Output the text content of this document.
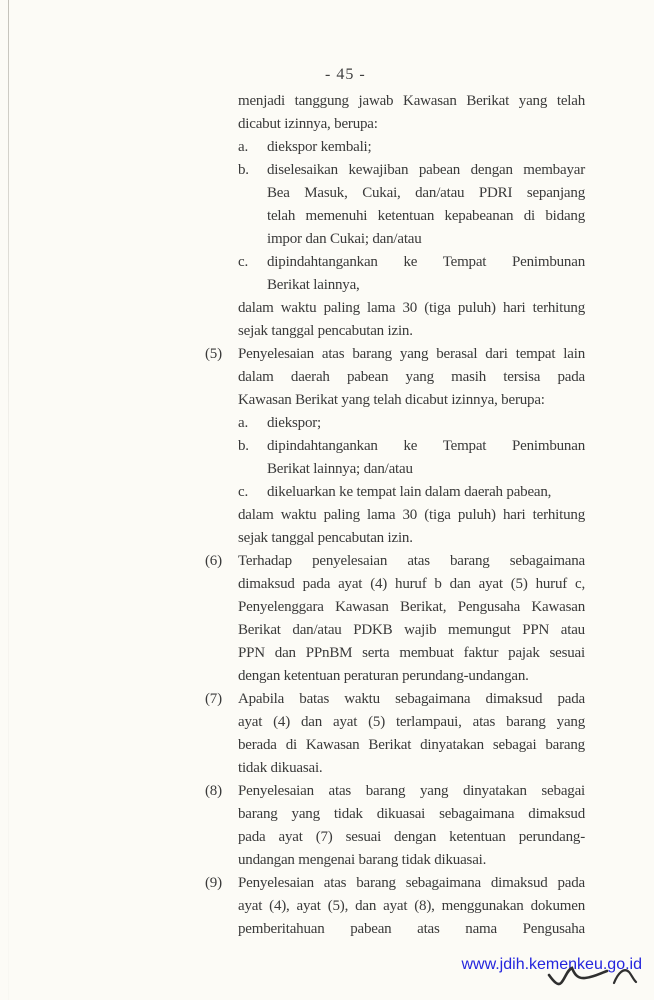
- 45 -
menjadi tanggung jawab Kawasan Berikat yang telah
dicabut izinnya, berupa:
a.	diekspor kembali;
b.	diselesaikan kewajiban pabean dengan membayar
Bea Masuk, Cukai, dan/atau PDRI sepanjang
telah memenuhi ketentuan kepabeanan di bidang
impor dan Cukai; dan/atau
c.	dipindahtangankan ke Tempat Penimbunan
Berikat lainnya,
dalam waktu paling lama 30 (tiga puluh) hari terhitung
sejak tanggal pencabutan izin.
(5)	Penyelesaian atas barang yang berasal dari tempat lain
dalam daerah pabean yang masih tersisa pada
Kawasan Berikat yang telah dicabut izinnya, berupa:
a.	diekspor;
b.	dipindahtangankan ke Tempat Penimbunan
Berikat lainnya; dan/atau
c.	dikeluarkan ke tempat lain dalam daerah pabean,
dalam waktu paling lama 30 (tiga puluh) hari terhitung
sejak tanggal pencabutan izin.
(6)	Terhadap penyelesaian atas barang sebagaimana
dimaksud pada ayat (4) huruf b dan ayat (5) huruf c,
Penyelenggara Kawasan Berikat, Pengusaha Kawasan
Berikat dan/atau PDKB wajib memungut PPN atau
PPN dan PPnBM serta membuat faktur pajak sesuai
dengan ketentuan peraturan perundang-undangan.
(7)	Apabila batas waktu sebagaimana dimaksud pada
ayat (4) dan ayat (5) terlampaui, atas barang yang
berada di Kawasan Berikat dinyatakan sebagai barang
tidak dikuasai.
(8)	Penyelesaian atas barang yang dinyatakan sebagai
barang yang tidak dikuasai sebagaimana dimaksud
pada ayat (7) sesuai dengan ketentuan perundang-
undangan mengenai barang tidak dikuasai.
(9)	Penyelesaian atas barang sebagaimana dimaksud pada
ayat (4), ayat (5), dan ayat (8), menggunakan dokumen
pemberitahuan pabean atas nama Pengusaha
www.jdih.kemenkeu.go.id
